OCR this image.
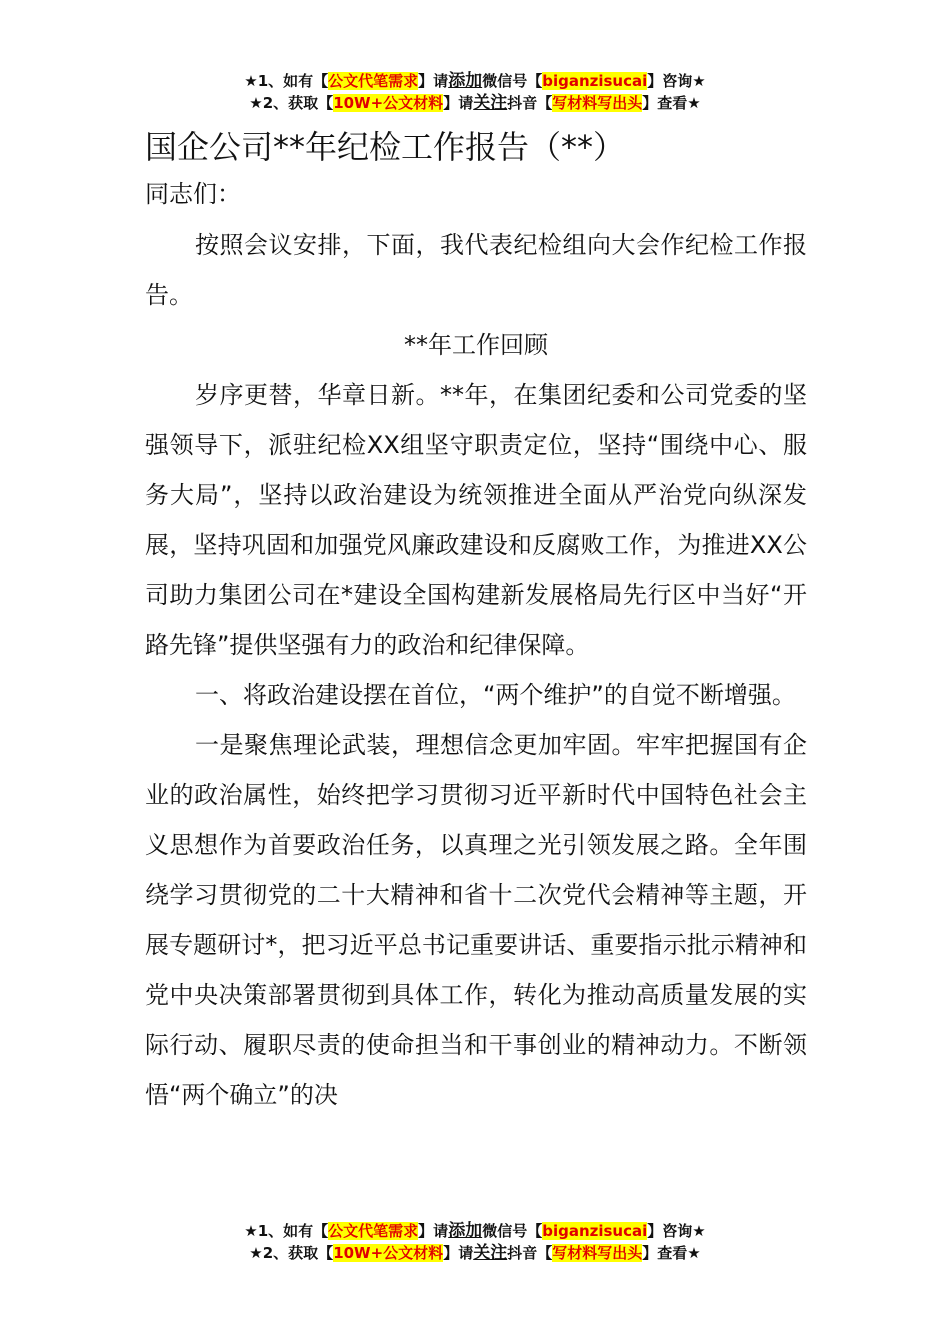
★1、如有【公文代笔需求】请添加微信号【biganzisucai】咨询★
★2、获取【10W+公文材料】请关注抖音【写材料写出头】查看★
国企公司**年纪检工作报告（**）

同志们：

按照会议安排，下面，我代表纪检组向大会作纪检工作报告。

**年工作回顾

岁序更替，华章日新。**年，在集团纪委和公司党委的坚强领导下，派驻纪检XX组坚守职责定位，坚持“围绕中心、服务大局”，坚持以政治建设为统领推进全面从严治党向纵深发展，坚持巩固和加强党风廉政建设和反腐败工作，为推进XX公司助力集团公司在*建设全国构建新发展格局先行区中当好“开路先锋”提供坚强有力的政治和纪律保障。

一、将政治建设摆在首位，“两个维护”的自觉不断增强。

一是聚焦理论武装，理想信念更加牢固。牢牢把握国有企业的政治属性，始终把学习贯彻习近平新时代中国特色社会主义思想作为首要政治任务，以真理之光引领发展之路。全年围绕学习贯彻党的二十大精神和省十二次党代会精神等主题，开展专题研讨*，把习近平总书记重要讲话、重要指示批示精神和党中央决策部署贯彻到具体工作，转化为推动高质量发展的实际行动、履职尽责的使命担当和干事创业的精神动力。不断领悟“两个确立”的决

★1、如有【公文代笔需求】请添加微信号【biganzisucai】咨询★
★2、获取【10W+公文材料】请关注抖音【写材料写出头】查看★
